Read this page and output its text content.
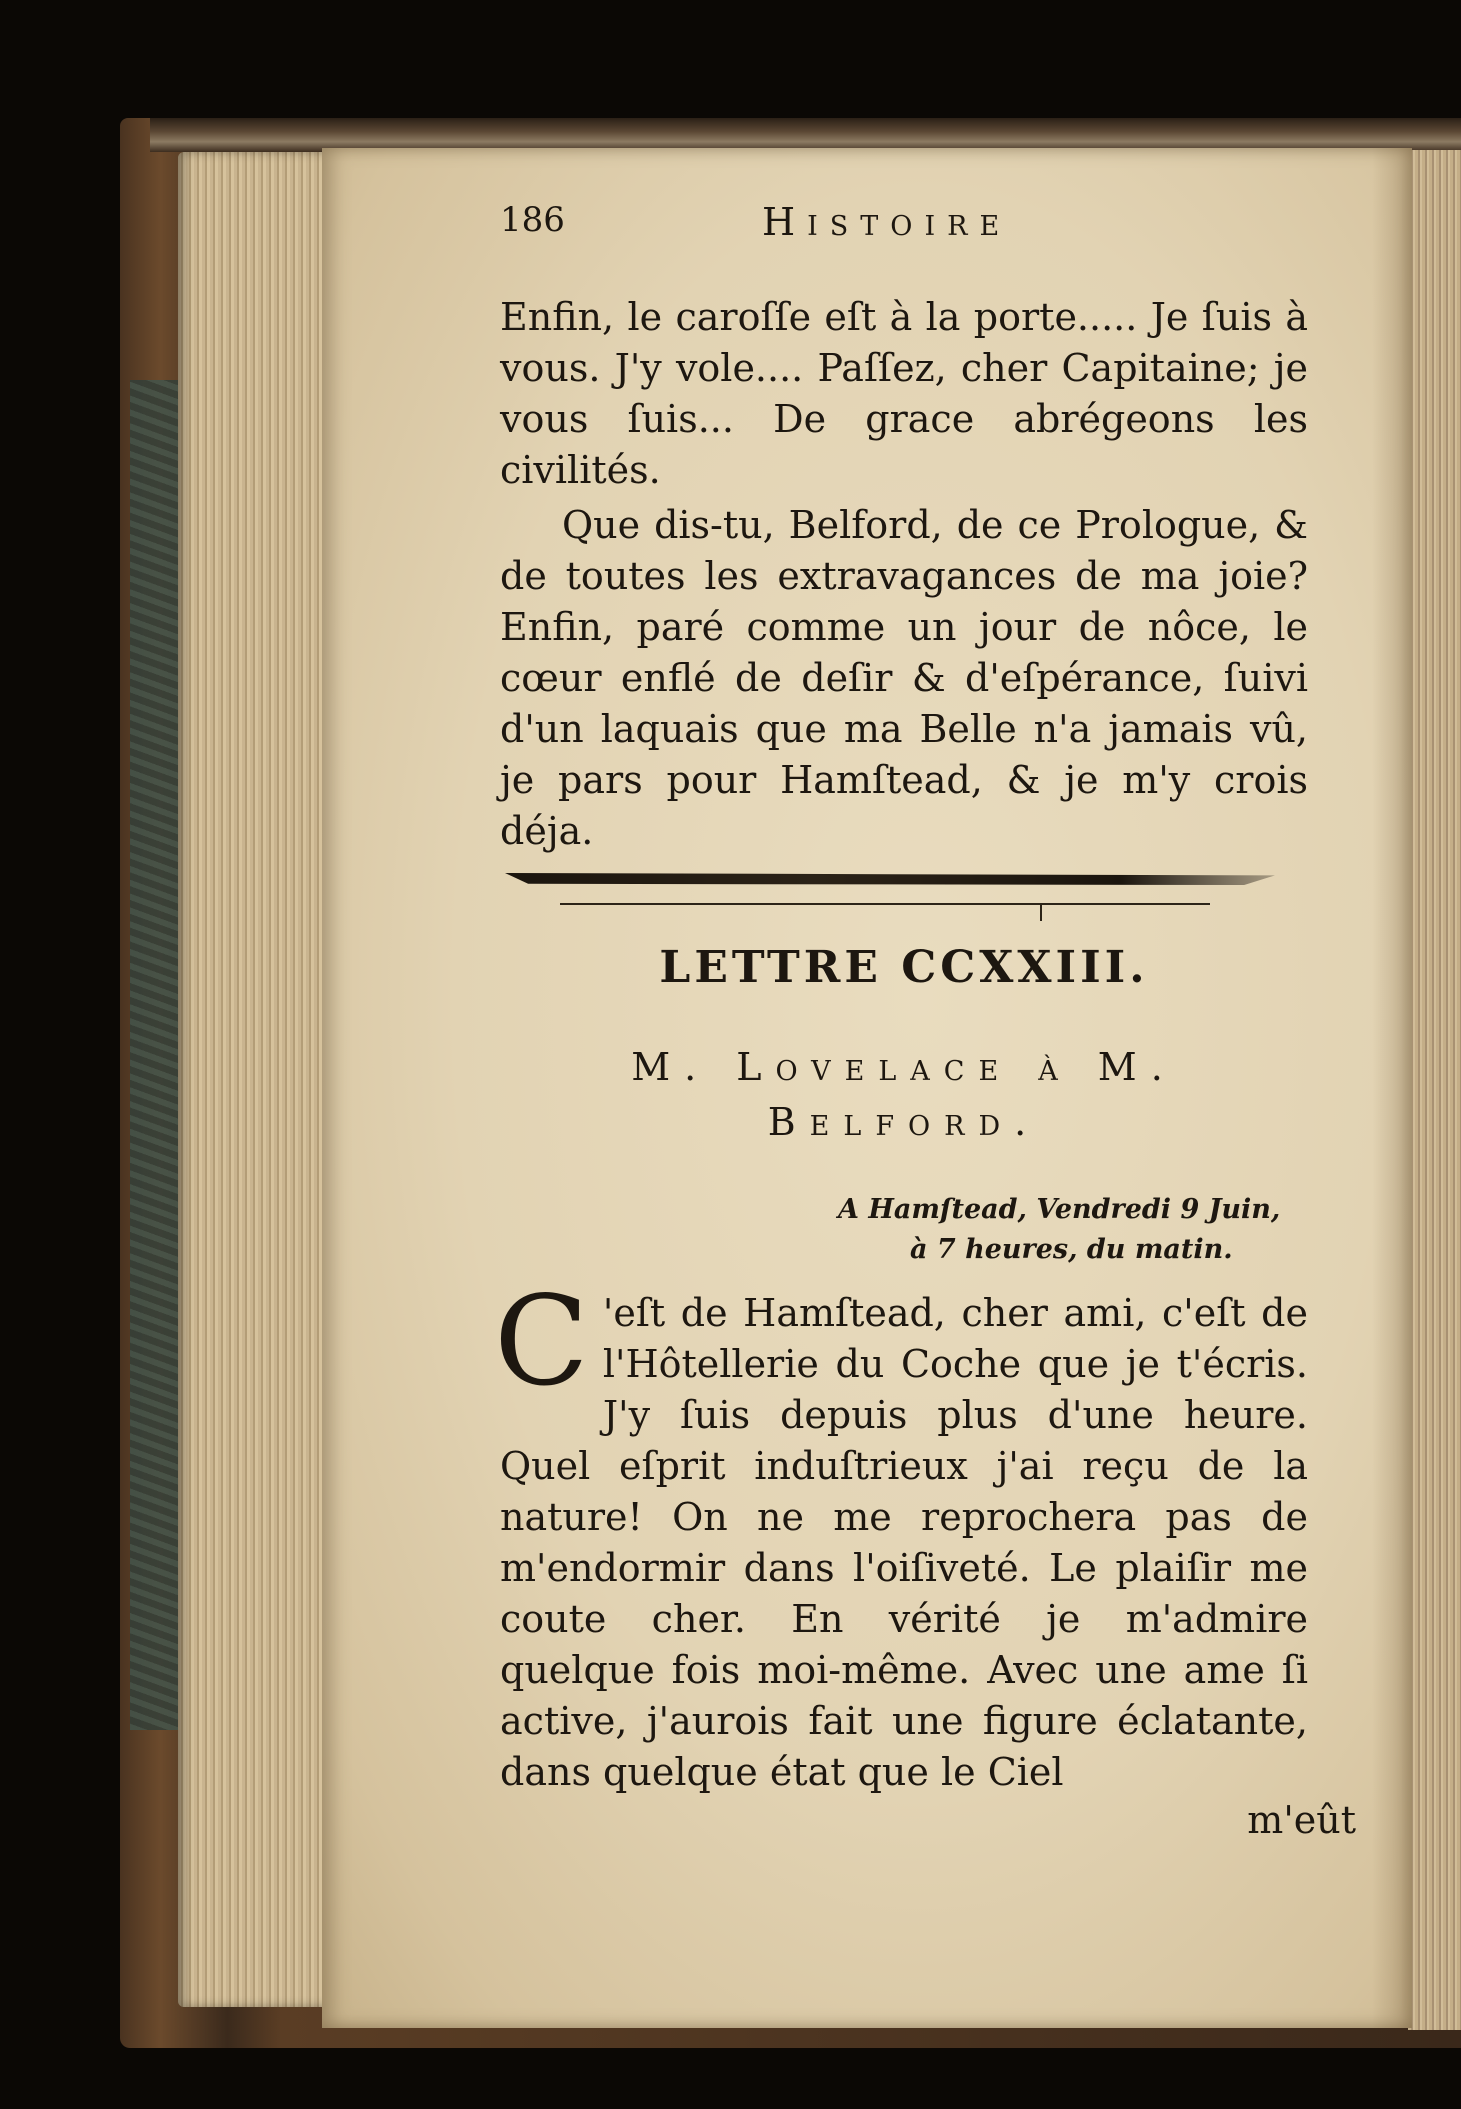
186	Histoire

Enfin, le caroſſe eſt à la porte..... Je ſuis à vous. J'y vole.... Paſſez, cher Capitaine; je vous ſuis... De grace abrégeons les civilités.

Que dis-tu, Belford, de ce Prologue, & de toutes les extravagances de ma joie? Enfin, paré comme un jour de nôce, le cœur enflé de deſir & d'eſpérance, ſuivi d'un laquais que ma Belle n'a jamais vû, je pars pour Hamſtead, & je m'y crois déja.

LETTRE CCXXIII.

M. Lovelace à M. Belford.

A Hamſtead, Vendredi 9 Juin,
à 7 heures, du matin.

C 'eſt de Hamſtead, cher ami, c'eſt de l'Hôtellerie du Coche que je t'écris. J'y ſuis depuis plus d'une heure. Quel eſprit induſtrieux j'ai reçu de la nature! On ne me reprochera pas de m'endormir dans l'oiſiveté. Le plaiſir me coute cher. En vérité je m'admire quelque fois moi-même. Avec une ame ſi active, j'aurois fait une figure éclatante, dans quelque état que le Ciel

m'eût
